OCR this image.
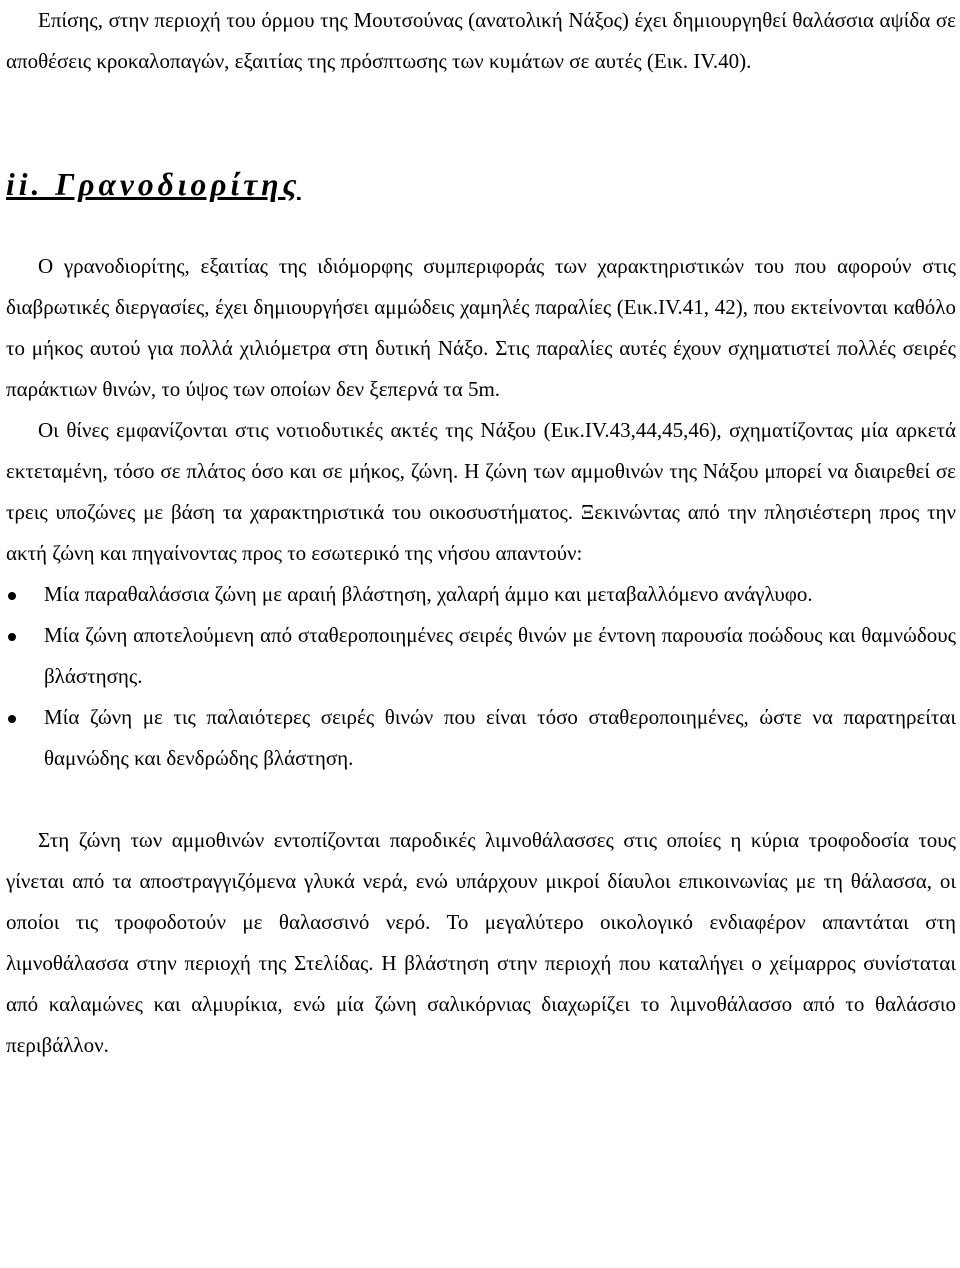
Επίσης, στην περιοχή του όρμου της Μουτσούνας (ανατολική Νάξος) έχει δημιουργηθεί θαλάσσια αψίδα σε αποθέσεις κροκαλοπαγών, εξαιτίας της πρόσπτωσης των κυμάτων σε αυτές (Εικ. IV.40).

ii. Γρανοδιορίτης

Ο γρανοδιορίτης, εξαιτίας της ιδιόμορφης συμπεριφοράς των χαρακτηριστικών του που αφορούν στις διαβρωτικές διεργασίες, έχει δημιουργήσει αμμώδεις χαμηλές παραλίες (Εικ.IV.41, 42), που εκτείνονται καθόλο το μήκος αυτού για πολλά χιλιόμετρα στη δυτική Νάξο. Στις παραλίες αυτές έχουν σχηματιστεί πολλές σειρές παράκτιων θινών, το ύψος των οποίων δεν ξεπερνά τα 5m.

Οι θίνες εμφανίζονται στις νοτιοδυτικές ακτές της Νάξου (Εικ.IV.43,44,45,46), σχηματίζοντας μία αρκετά εκτεταμένη, τόσο σε πλάτος όσο και σε μήκος, ζώνη. Η ζώνη των αμμοθινών της Νάξου μπορεί να διαιρεθεί σε τρεις υποζώνες με βάση τα χαρακτηριστικά του οικοσυστήματος. Ξεκινώντας από την πλησιέστερη προς την ακτή ζώνη και πηγαίνοντας προς το εσωτερικό της νήσου απαντούν:

Μία παραθαλάσσια ζώνη με αραιή βλάστηση, χαλαρή άμμο και μεταβαλλόμενο ανάγλυφο.
Μία ζώνη αποτελούμενη από σταθεροποιημένες σειρές θινών με έντονη παρουσία ποώδους και θαμνώδους βλάστησης.
Μία ζώνη με τις παλαιότερες σειρές θινών που είναι τόσο σταθεροποιημένες, ώστε να παρατηρείται θαμνώδης και δενδρώδης βλάστηση.

Στη ζώνη των αμμοθινών εντοπίζονται παροδικές λιμνοθάλασσες στις οποίες η κύρια τροφοδοσία τους γίνεται από τα αποστραγγιζόμενα γλυκά νερά, ενώ υπάρχουν μικροί δίαυλοι επικοινωνίας με τη θάλασσα, οι οποίοι τις τροφοδοτούν με θαλασσινό νερό. Το μεγαλύτερο οικολογικό ενδιαφέρον απαντάται στη λιμνοθάλασσα στην περιοχή της Στελίδας. Η βλάστηση στην περιοχή που καταλήγει ο χείμαρρος συνίσταται από καλαμώνες και αλμυρίκια, ενώ μία ζώνη σαλικόρνιας διαχωρίζει το λιμνοθάλασσο από το θαλάσσιο περιβάλλον.
